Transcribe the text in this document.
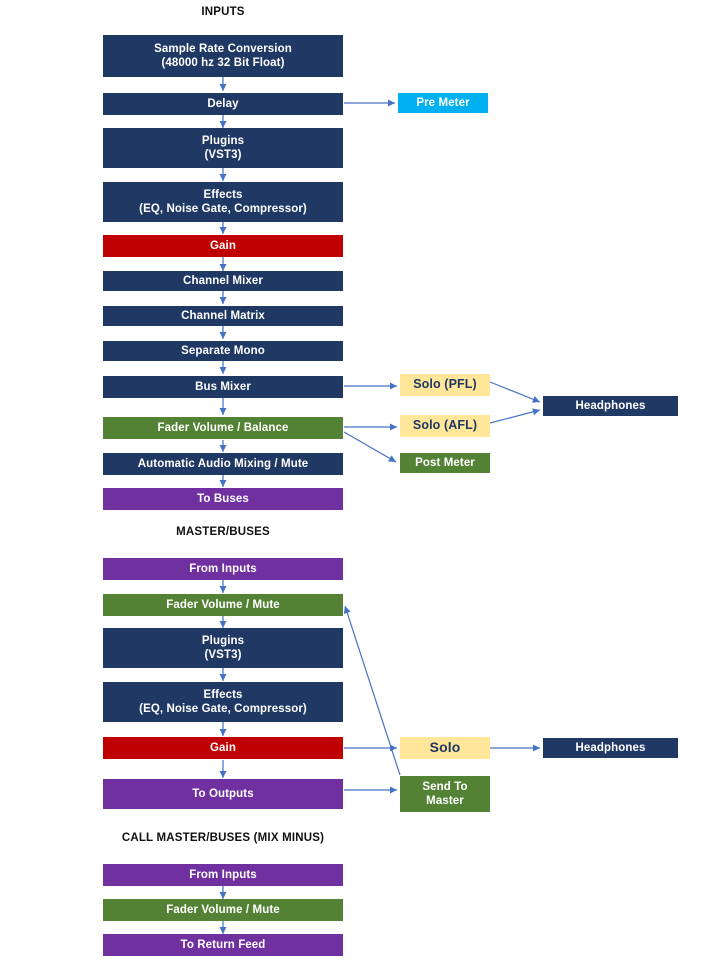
INPUTS
MASTER/BUSES
CALL MASTER/BUSES (MIX MINUS)
Sample Rate Conversion
(48000 hz 32 Bit Float)
Delay
Plugins
(VST3)
Effects
(EQ, Noise Gate, Compressor)
Gain
Channel Mixer
Channel Matrix
Separate Mono
Bus Mixer
Fader Volume / Balance
Automatic Audio Mixing / Mute
To Buses
Pre Meter
Solo (PFL)
Solo (AFL)
Post Meter
Headphones
From Inputs
Fader Volume / Mute
Plugins
(VST3)
Effects
(EQ, Noise Gate, Compressor)
Gain
To Outputs
Solo	Headphones
Send To
Master
From Inputs
Fader Volume / Mute
To Return Feed
